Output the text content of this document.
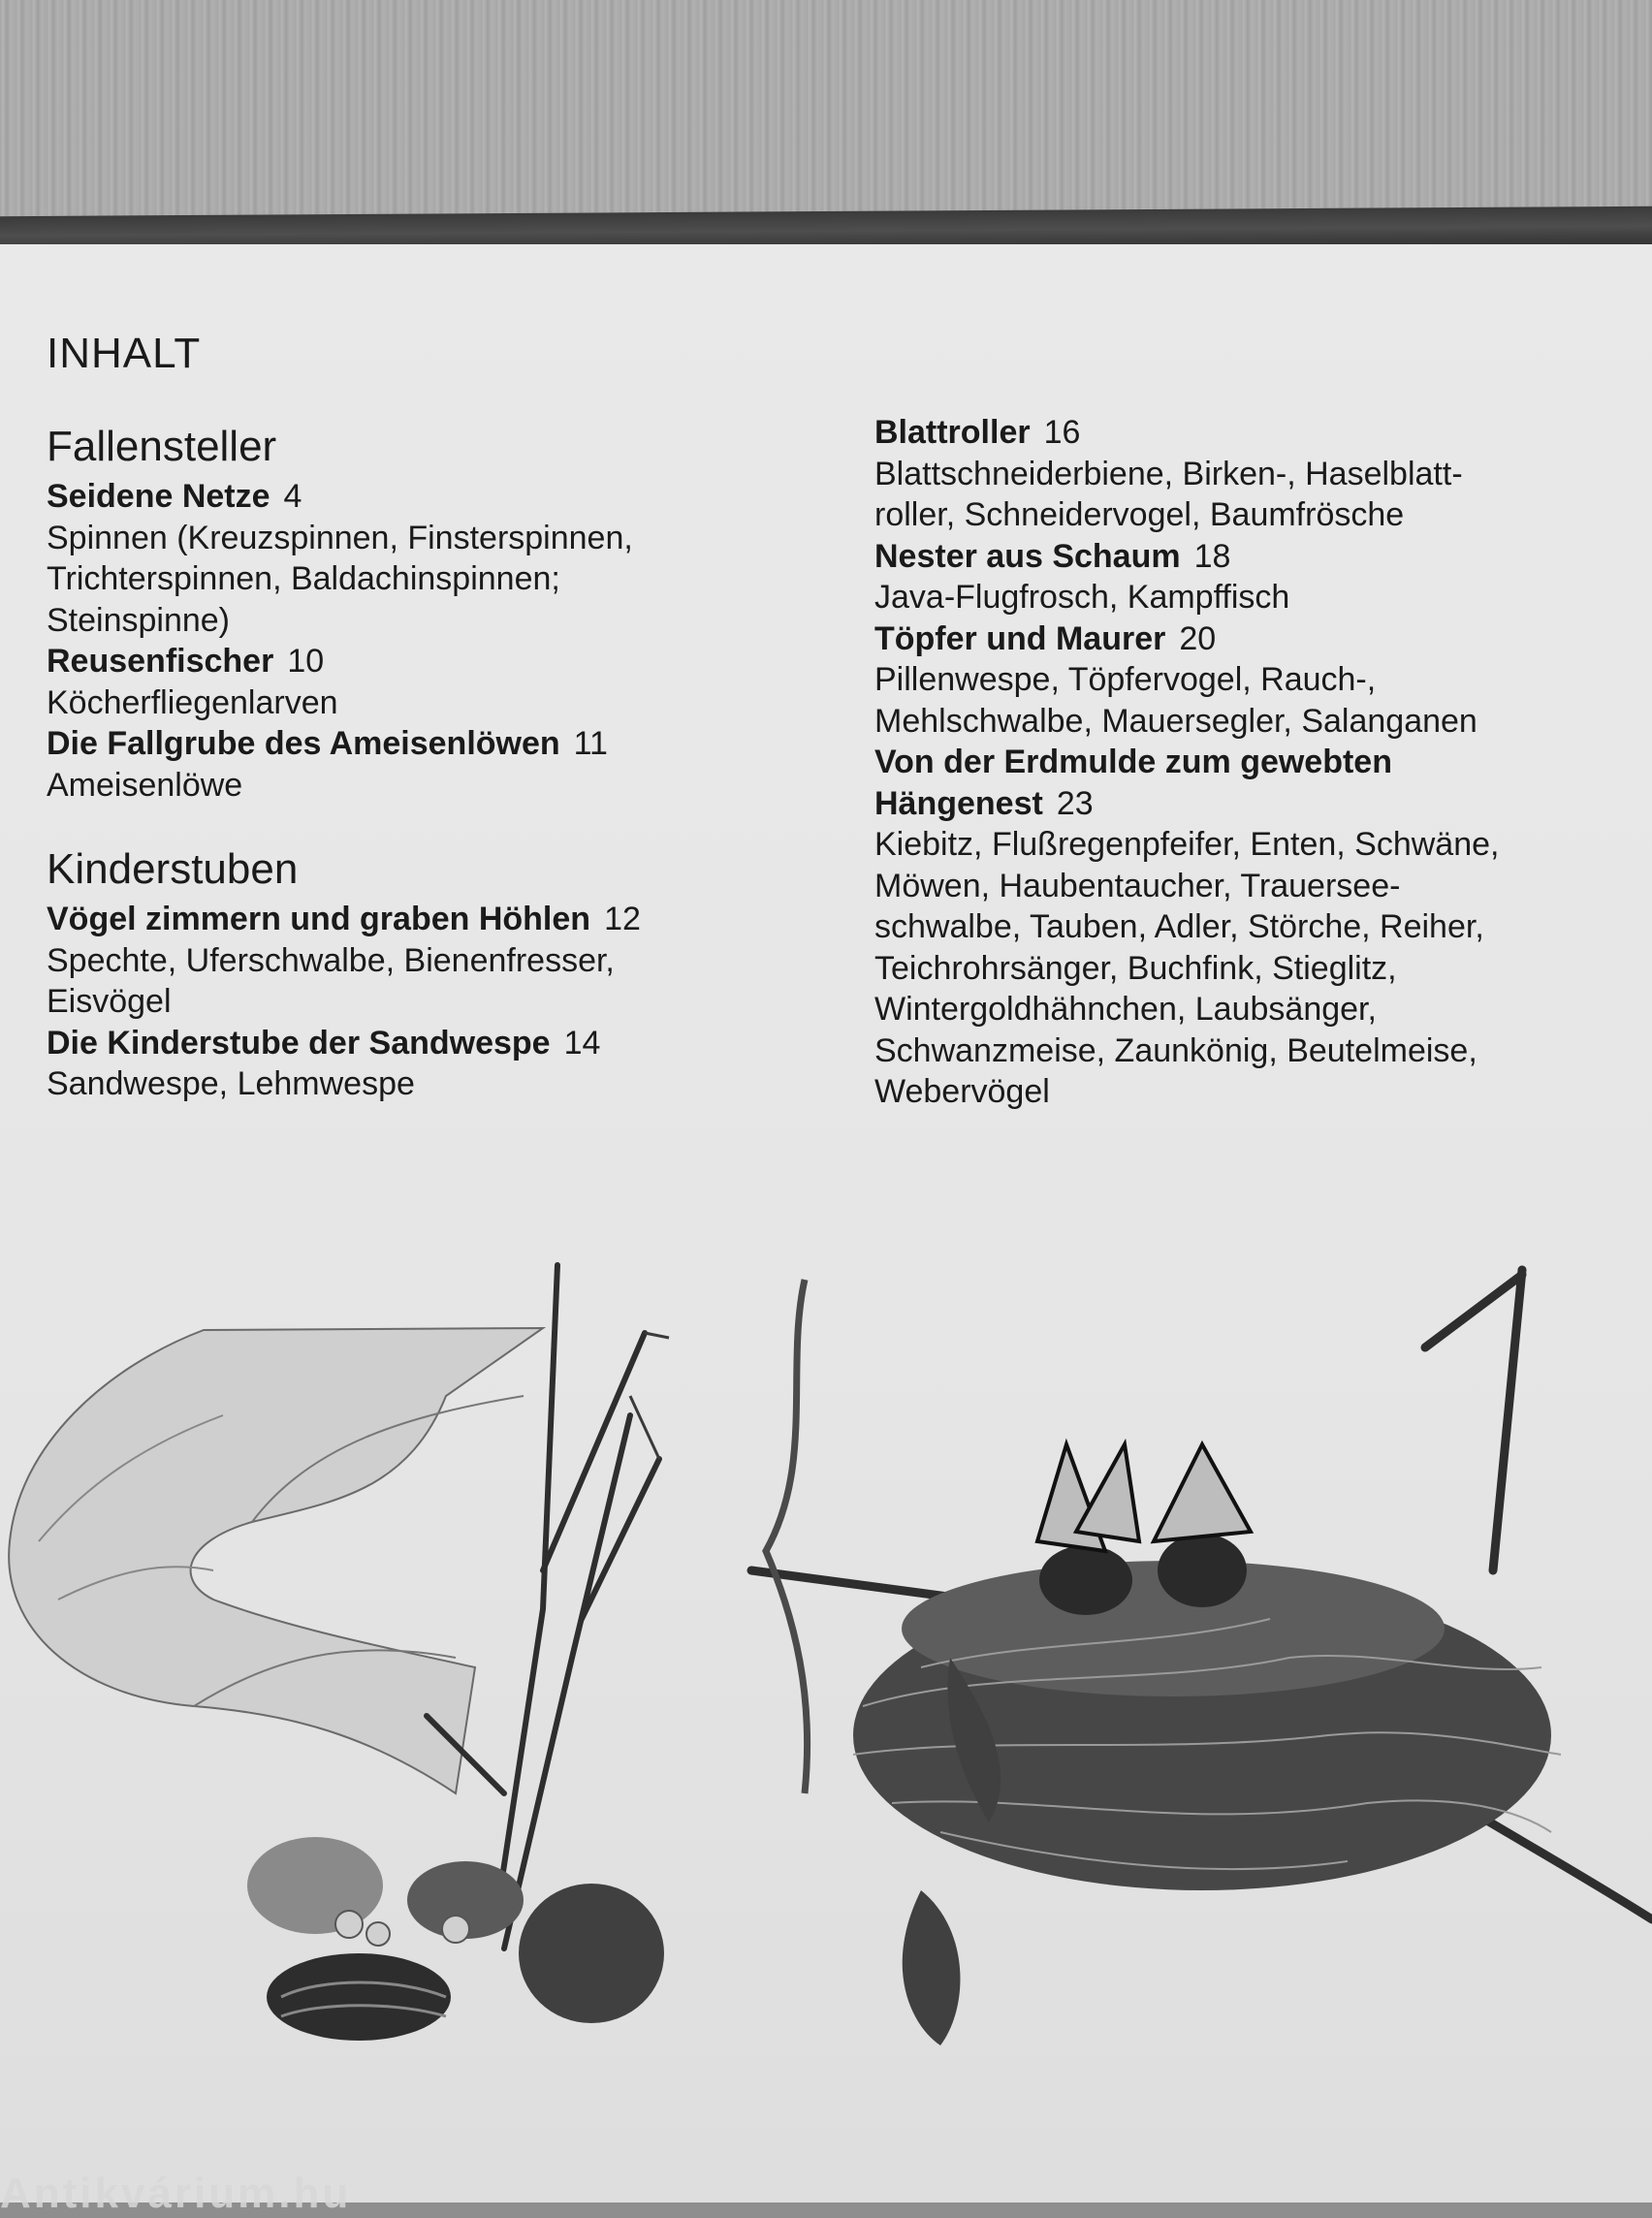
INHALT
Fallensteller
Seidene Netze 4
Spinnen (Kreuzspinnen, Finsterspinnen,
Trichterspinnen, Baldachinspinnen;
Steinspinne)
Reusenfischer 10
Köcherfliegenlarven
Die Fallgrube des Ameisenlöwen 11
Ameisenlöwe
Kinderstuben
Vögel zimmern und graben Höhlen 12
Spechte, Uferschwalbe, Bienenfresser,
Eisvögel
Die Kinderstube der Sandwespe 14
Sandwespe, Lehmwespe
Blattroller 16
Blattschneiderbiene, Birken-, Haselblatt-
roller, Schneidervogel, Baumfrösche
Nester aus Schaum 18
Java-Flugfrosch, Kampffisch
Töpfer und Maurer 20
Pillenwespe, Töpfervogel, Rauch-,
Mehlschwalbe, Mauersegler, Salanganen
Von der Erdmulde zum gewebten
Hängenest 23
Kiebitz, Flußregenpfeifer, Enten, Schwäne,
Möwen, Haubentaucher, Trauersee-
schwalbe, Tauben, Adler, Störche, Reiher,
Teichrohrsänger, Buchfink, Stieglitz,
Wintergoldhähnchen, Laubsänger,
Schwanzmeise, Zaunkönig, Beutelmeise,
Webervögel
Antikvárium.hu
